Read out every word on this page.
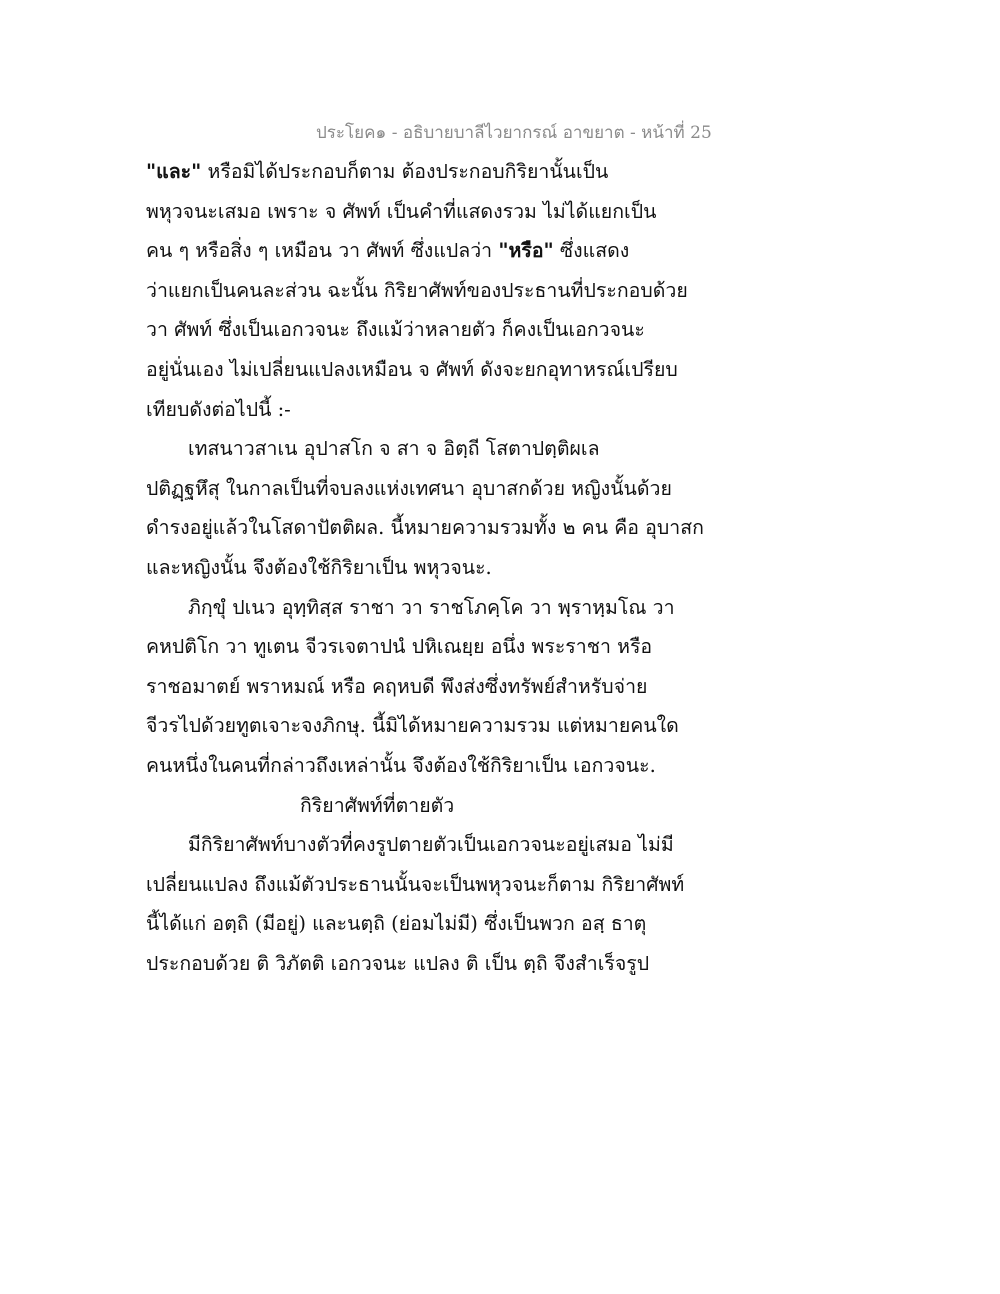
ประโยค๑ - อธิบายบาลีไวยากรณ์ อาขยาต - หน้าที่ 25
"และ" หรือมิได้ประกอบก็ตาม ต้องประกอบกิริยานั้นเป็น
พหุวจนะเสมอ เพราะ จ ศัพท์ เป็นคำที่แสดงรวม ไม่ได้แยกเป็น
คน ๆ หรือสิ่ง ๆ เหมือน วา ศัพท์ ซึ่งแปลว่า "หรือ" ซึ่งแสดง
ว่าแยกเป็นคนละส่วน ฉะนั้น กิริยาศัพท์ของประธานที่ประกอบด้วย
วา ศัพท์ ซึ่งเป็นเอกวจนะ ถึงแม้ว่าหลายตัว ก็คงเป็นเอกวจนะ
อยู่นั่นเอง ไม่เปลี่ยนแปลงเหมือน จ ศัพท์ ดังจะยกอุทาหรณ์เปรียบ
เทียบดังต่อไปนี้ :-
เทสนาวสาเน อุปาสโก จ สา จ อิตฺถี โสตาปตฺติผเล
ปติฏฺฐหึสุ ในกาลเป็นที่จบลงแห่งเทศนา อุบาสกด้วย หญิงนั้นด้วย
ดำรงอยู่แล้วในโสดาปัตติผล. นี้หมายความรวมทั้ง ๒ คน คือ อุบาสก
และหญิงนั้น จึงต้องใช้กิริยาเป็น พหุวจนะ.
ภิกฺขุํ ปเนว อุทฺทิสฺส ราชา วา ราชโภคฺโค วา พฺราหฺมโณ วา
คหปติโก วา ทูเตน จีวรเจตาปนํ ปหิเณยฺย อนึ่ง พระราชา หรือ
ราชอมาตย์ พราหมณ์ หรือ คฤหบดี พึงส่งซึ่งทรัพย์สำหรับจ่าย
จีวรไปด้วยทูตเจาะจงภิกษุ. นี้มิได้หมายความรวม แต่หมายคนใด
คนหนึ่งในคนที่กล่าวถึงเหล่านั้น จึงต้องใช้กิริยาเป็น เอกวจนะ.
กิริยาศัพท์ที่ตายตัว
มีกิริยาศัพท์บางตัวที่คงรูปตายตัวเป็นเอกวจนะอยู่เสมอ ไม่มี
เปลี่ยนแปลง ถึงแม้ตัวประธานนั้นจะเป็นพหุวจนะก็ตาม กิริยาศัพท์
นี้ได้แก่ อตฺถิ (มีอยู่) และนตฺถิ (ย่อมไม่มี) ซึ่งเป็นพวก อสฺ ธาตุ
ประกอบด้วย ติ วิภัตติ เอกวจนะ แปลง ติ เป็น ตฺถิ จึงสำเร็จรูป
